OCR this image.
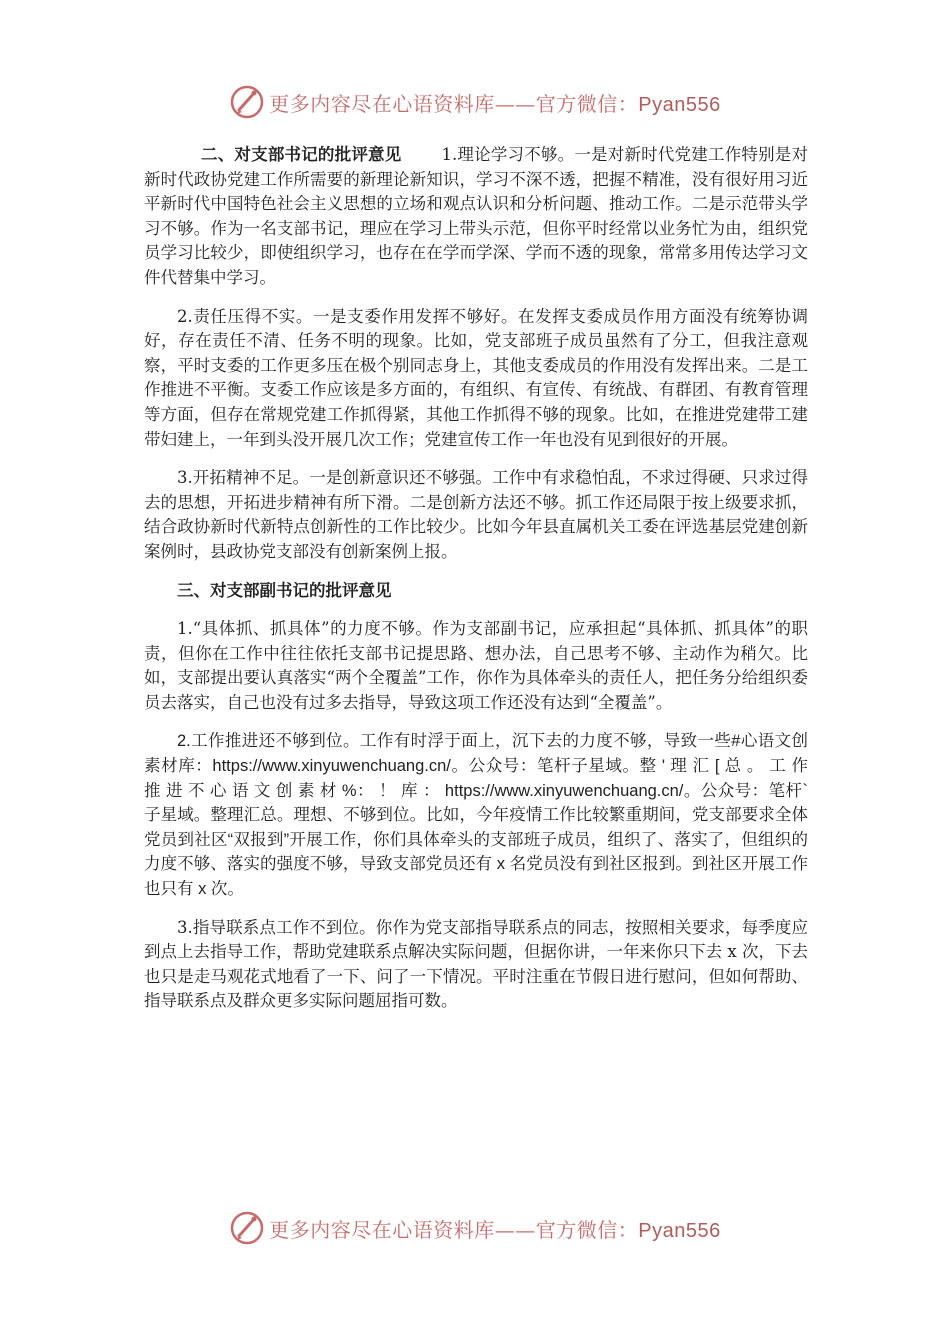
更多内容尽在心语资料库——官方微信：Pyan556

二、对支部书记的批评意见 1.理论学习不够。一是对新时代党建工作特别是对新时代政协党建工作所需要的新理论新知识，学习不深不透，把握不精准，没有很好用习近平新时代中国特色社会主义思想的立场和观点认识和分析问题、推动工作。二是示范带头学习不够。作为一名支部书记，理应在学习上带头示范，但你平时经常以业务忙为由，组织党员学习比较少，即使组织学习，也存在在学而学深、学而不透的现象，常常多用传达学习文件代替集中学习。

2.责任压得不实。一是支委作用发挥不够好。在发挥支委成员作用方面没有统筹协调好，存在责任不清、任务不明的现象。比如，党支部班子成员虽然有了分工，但我注意观察，平时支委的工作更多压在极个别同志身上，其他支委成员的作用没有发挥出来。二是工作推进不平衡。支委工作应该是多方面的，有组织、有宣传、有统战、有群团、有教育管理等方面，但存在常规党建工作抓得紧，其他工作抓得不够的现象。比如，在推进党建带工建带妇建上，一年到头没开展几次工作；党建宣传工作一年也没有见到很好的开展。

3.开拓精神不足。一是创新意识还不够强。工作中有求稳怕乱，不求过得硬、只求过得去的思想，开拓进步精神有所下滑。二是创新方法还不够。抓工作还局限于按上级要求抓，结合政协新时代新特点创新性的工作比较少。比如今年县直属机关工委在评选基层党建创新案例时，县政协党支部没有创新案例上报。

三、对支部副书记的批评意见

1.“具体抓、抓具体”的力度不够。作为支部副书记，应承担起“具体抓、抓具体”的职责，但你在工作中往往依托支部书记提思路、想办法，自己思考不够、主动作为稍欠。比如，支部提出要认真落实“两个全覆盖”工作，你作为具体牵头的责任人，把任务分给组织委员去落实，自己也没有过多去指导，导致这项工作还没有达到“全覆盖”。

2.工作推进还不够到位。工作有时浮于面上，沉下去的力度不够，导致一些#心语文创素材库：https://www.xinyuwenchuang.cn/。公众号：笔杆子星域。整 ' 理 汇 [ 总 。 工 作 推 进 不 心 语 文 创 素 材 %： ！ 库 ： https://www.xinyuwenchuang.cn/。公众号：笔杆`子星域。整理汇总。理想、不够到位。比如，今年疫情工作比较繁重期间，党支部要求全体党员到社区“双报到”开展工作，你们具体牵头的支部班子成员，组织了、落实了，但组织的力度不够、落实的强度不够，导致支部党员还有 x 名党员没有到社区报到。到社区开展工作也只有 x 次。

3.指导联系点工作不到位。你作为党支部指导联系点的同志，按照相关要求，每季度应到点上去指导工作，帮助党建联系点解决实际问题，但据你讲，一年来你只下去 x 次，下去也只是走马观花式地看了一下、问了一下情况。平时注重在节假日进行慰问，但如何帮助、指导联系点及群众更多实际问题屈指可数。

更多内容尽在心语资料库——官方微信：Pyan556
